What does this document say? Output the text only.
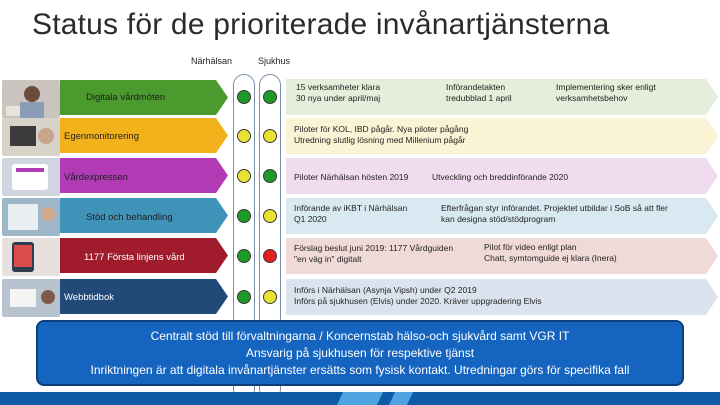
Status för de prioriterade invånartjänsterna
Närhälsan	Sjukhus
Digitala vårdmöten
Egenmonitorering
Vårdexpressen
Stöd och behandling
1177 Första linjens vård
Webbtidbok
15 verksamheter klara
30 nya under april/maj
Införandetakten
tredubblad 1 april
Implementering sker enligt
verksamhetsbehov
Piloter för KOL, IBD pågår. Nya piloter pågång
Utredning slutlig lösning med Millenium pågår
Piloter Närhälsan hösten 2019	Utveckling och breddinförande 2020
Införande av iKBT i Närhälsan
Q1 2020
Efterfrågan styr införandet. Projektet utbildar i SoB så att fler
kan designa stöd/stödprogram
Förslag beslut juni 2019: 1177 Vårdguiden
"en väg in" digitalt
Pilot för video enligt plan
Chatt, symtomguide ej klara (Inera)
Införs i Närhälsan (Asynja Vipsh) under Q2 2019
Införs på sjukhusen (Elvis) under 2020. Kräver uppgradering Elvis
Centralt stöd till förvaltningarna / Koncernstab hälso-och sjukvård samt VGR IT
Ansvarig på sjukhusen för respektive tjänst
Inriktningen är att digitala invånartjänster ersätts som fysisk kontakt. Utredningar görs för specifika fall
